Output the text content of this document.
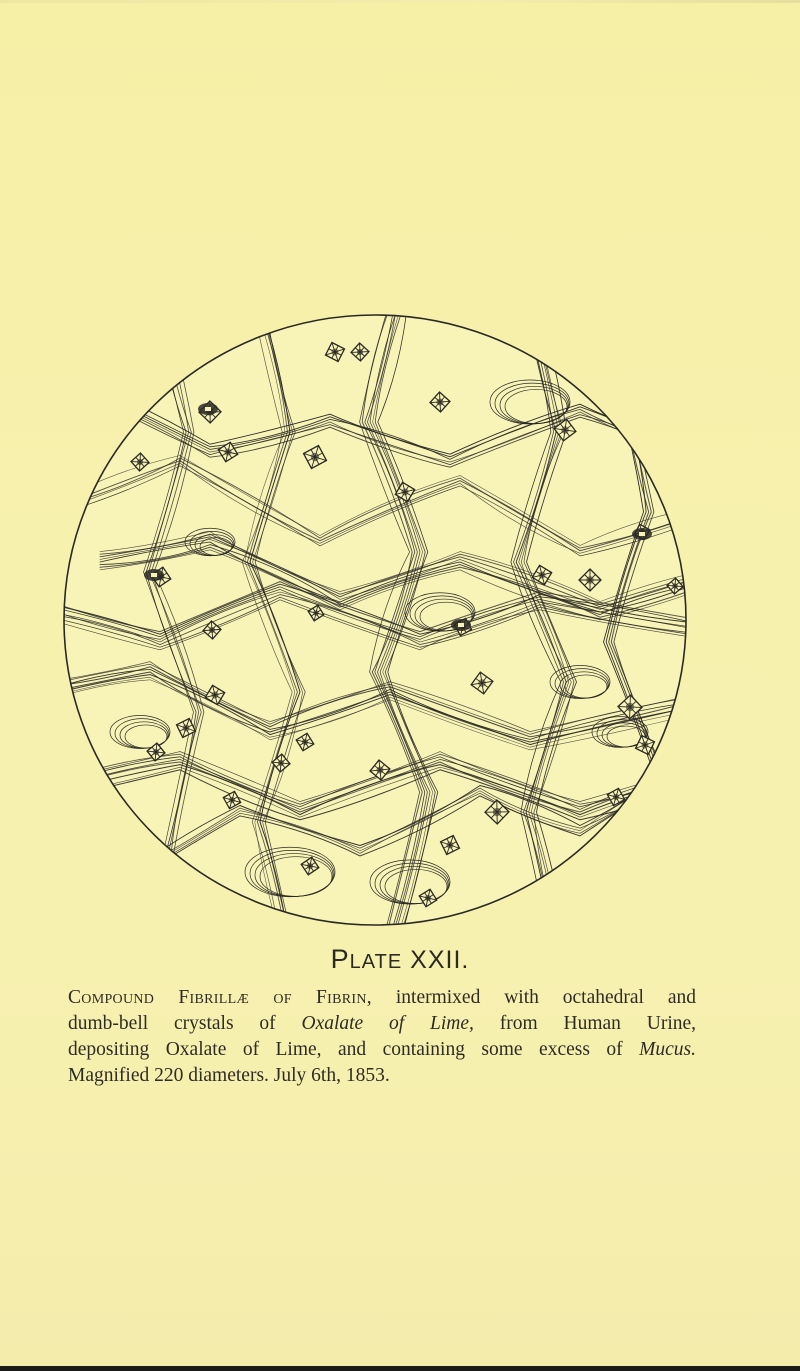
PLATE XXII.
Compound Fibrillæ of Fibrin, intermixed with octahedral and
dumb-bell crystals of Oxalate of Lime, from Human Urine,
depositing Oxalate of Lime, and containing some excess of Mucus.
Magnified 220 diameters. July 6th, 1853.
